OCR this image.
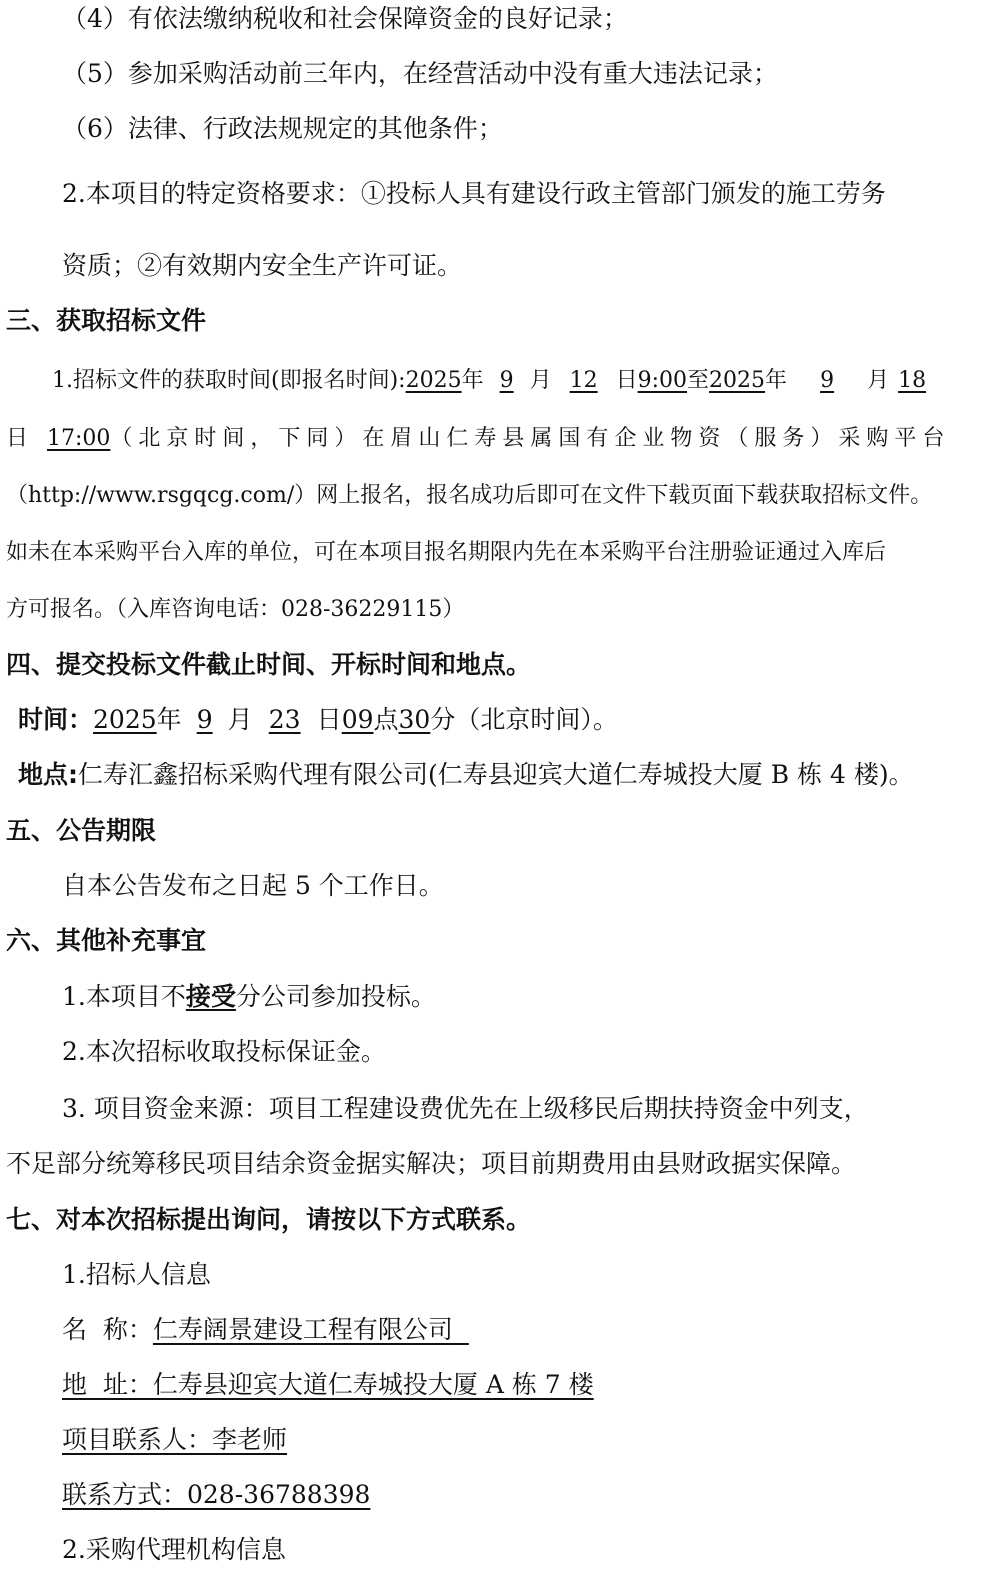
（4）有依法缴纳税收和社会保障资金的良好记录；
（5）参加采购活动前三年内，在经营活动中没有重大违法记录；
（6）法律、行政法规规定的其他条件；
2.本项目的特定资格要求：①投标人具有建设行政主管部门颁发的施工劳务
资质；②有效期内安全生产许可证。
三、获取招标文件
1.招标文件的获取时间(即报名时间):2025年 9 月 12 日9:00至2025年 9 月 18
日 17:00（北京时间，下同）在眉山仁寿县属国有企业物资（服务）采购平台
（http://www.rsgqcg.com/）网上报名，报名成功后即可在文件下载页面下载获取招标文件。
如未在本采购平台入库的单位，可在本项目报名期限内先在本采购平台注册验证通过入库后
方可报名。（入库咨询电话：028-36229115）
四、提交投标文件截止时间、开标时间和地点。
时间：2025年 9 月 23 日09点30分（北京时间）。
地点:仁寿汇鑫招标采购代理有限公司(仁寿县迎宾大道仁寿城投大厦 B 栋 4 楼)。
五、公告期限
自本公告发布之日起 5 个工作日。
六、其他补充事宜
1.本项目不接受分公司参加投标。
2.本次招标收取投标保证金。
3. 项目资金来源：项目工程建设费优先在上级移民后期扶持资金中列支，
不足部分统筹移民项目结余资金据实解决；项目前期费用由县财政据实保障。
七、对本次招标提出询问，请按以下方式联系。
1.招标人信息
名  称：仁寿阔景建设工程有限公司
地  址：仁寿县迎宾大道仁寿城投大厦 A 栋 7 楼
项目联系人：李老师
联系方式：028-36788398
2.采购代理机构信息
